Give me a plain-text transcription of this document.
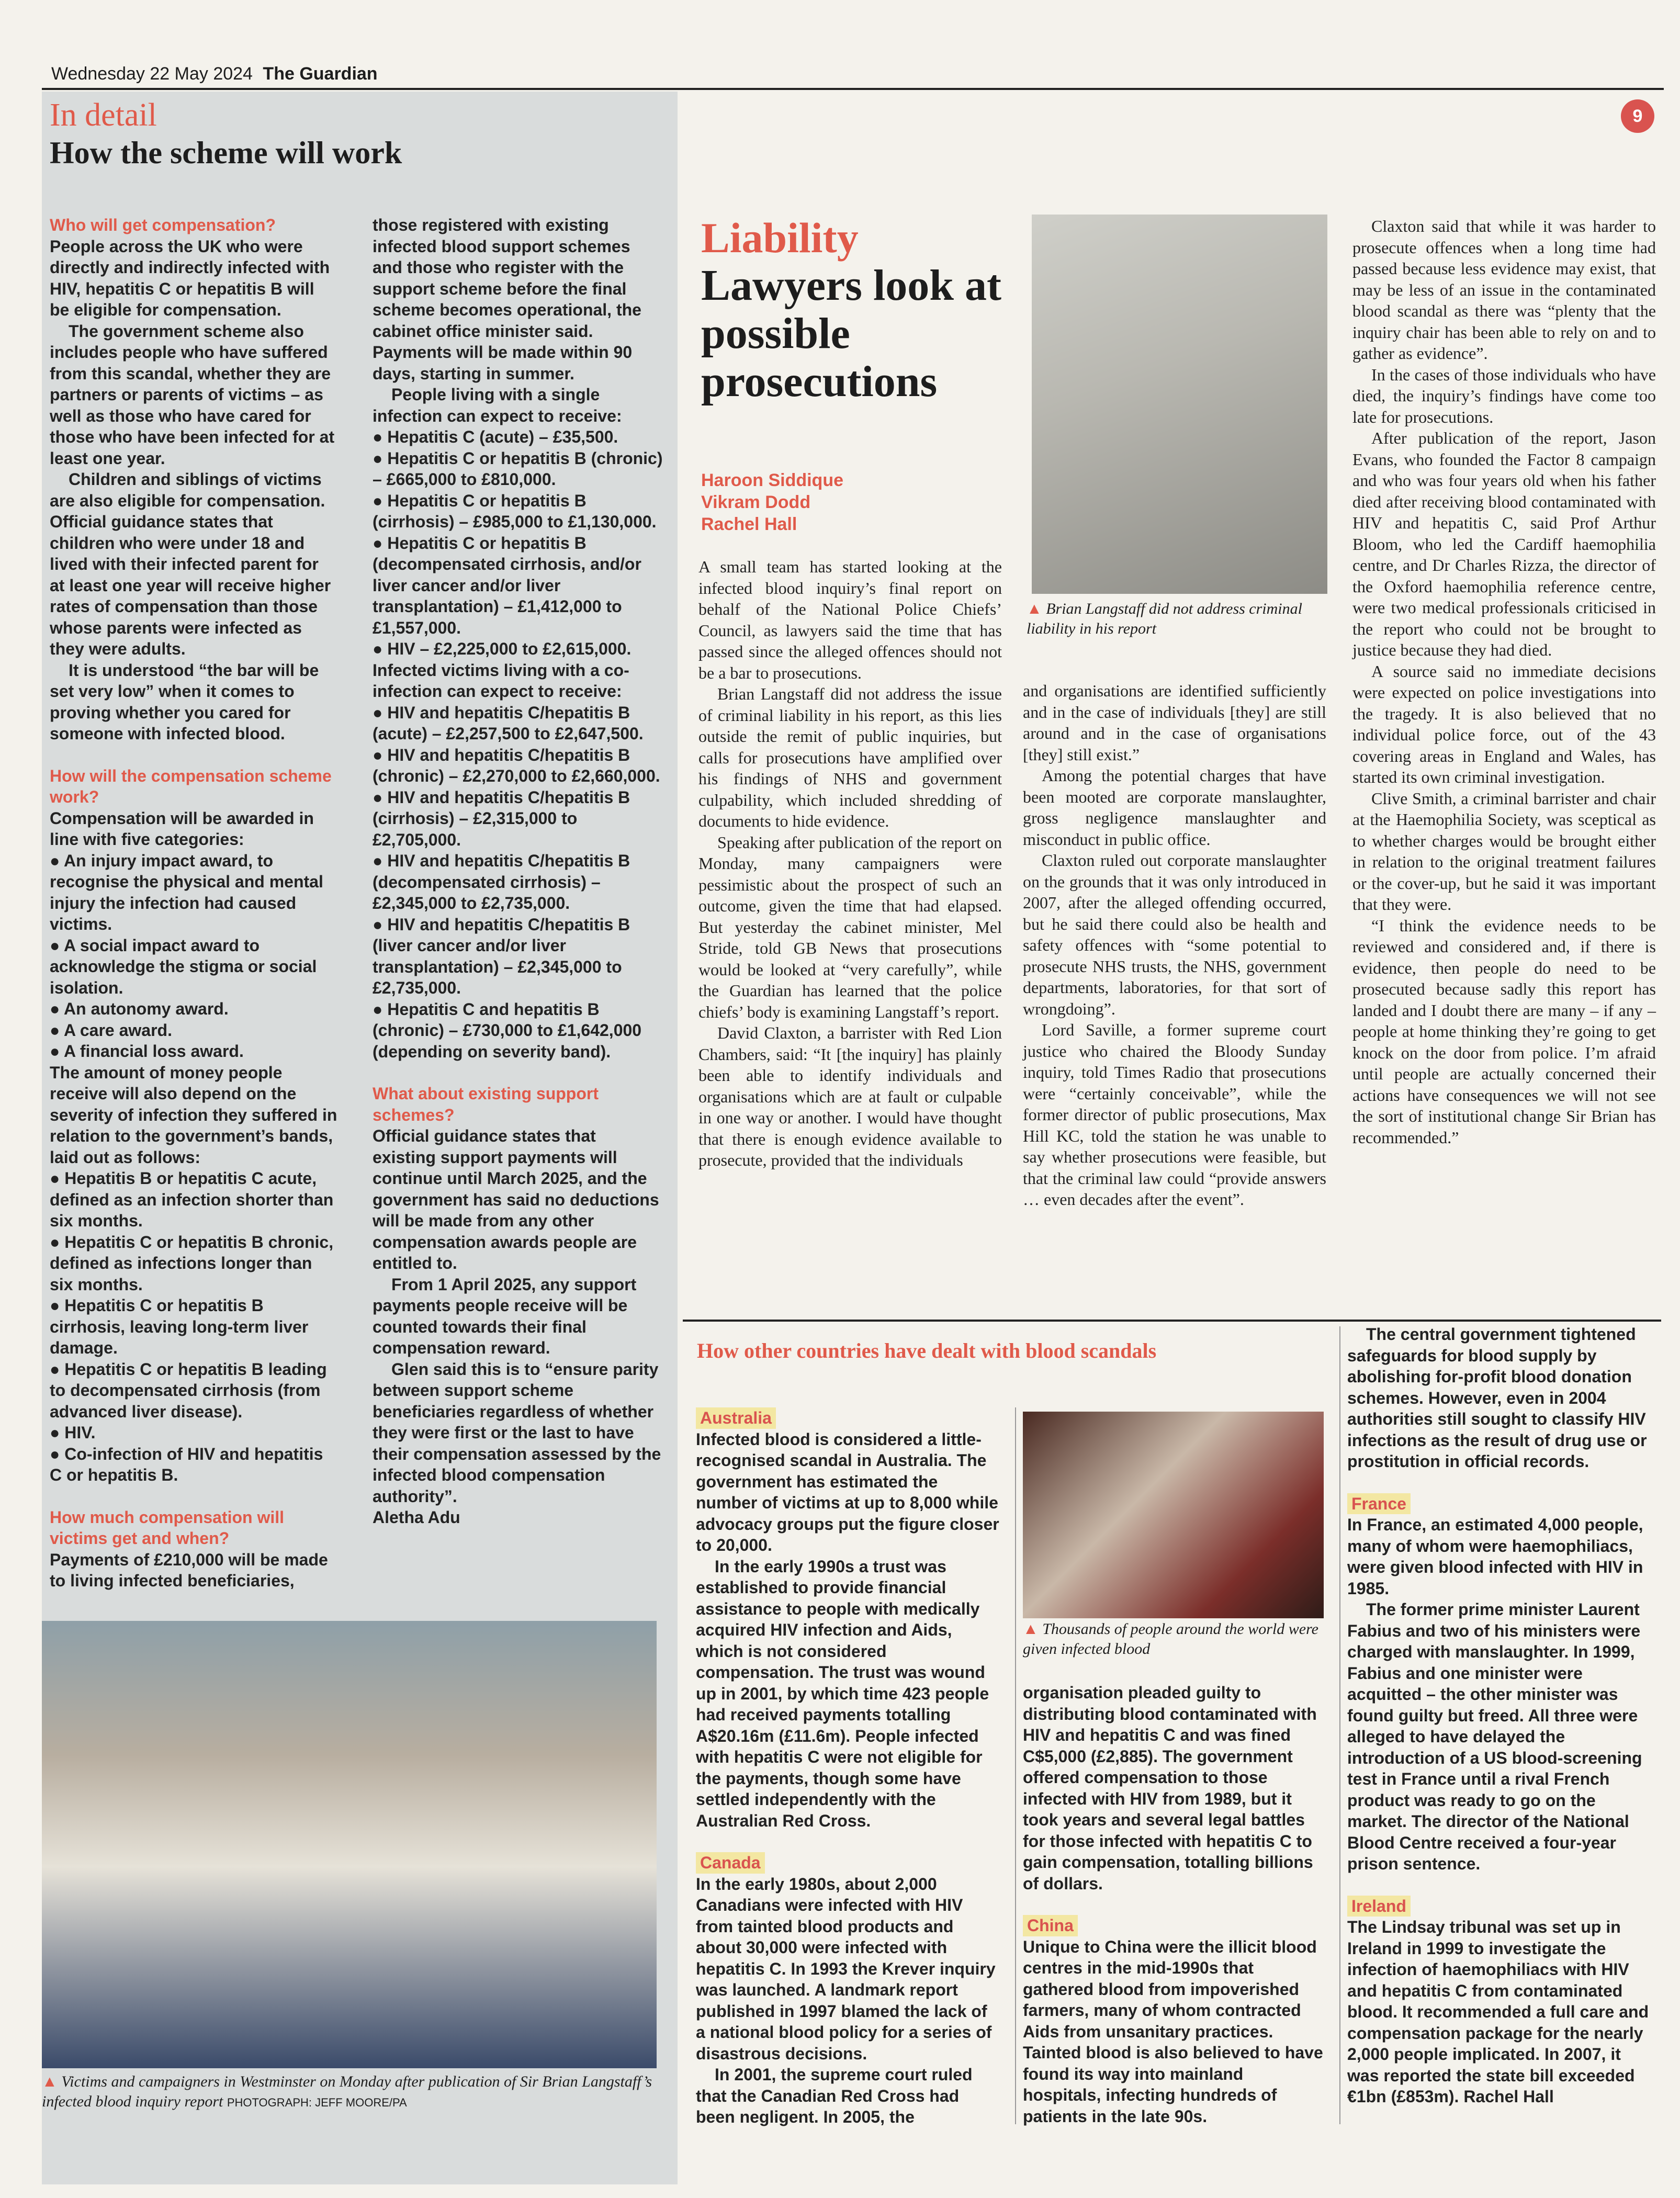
Wednesday 22 May 2024 The Guardian
9
In detail
How the scheme will work

Who will get compensation?

People across the UK who were directly and indirectly infected with HIV, hepatitis C or hepatitis B will be eligible for compensation.

The government scheme also includes people who have suffered from this scandal, whether they are partners or parents of victims – as well as those who have cared for those who have been infected for at least one year.

Children and siblings of victims are also eligible for compensation. Official guidance states that children who were under 18 and lived with their infected parent for at least one year will receive higher rates of compensation than those whose parents were infected as they were adults.

It is understood “the bar will be set very low” when it comes to proving whether you cared for someone with infected blood.

How will the compensation scheme work?

Compensation will be awarded in line with five categories:

● An injury impact award, to recognise the physical and mental injury the infection had caused victims.

● A social impact award to acknowledge the stigma or social isolation.

● An autonomy award.

● A care award.

● A financial loss award.

The amount of money people receive will also depend on the severity of infection they suffered in relation to the government’s bands, laid out as follows:

● Hepatitis B or hepatitis C acute, defined as an infection shorter than six months.

● Hepatitis C or hepatitis B chronic, defined as infections longer than six months.

● Hepatitis C or hepatitis B cirrhosis, leaving long-term liver damage.

● Hepatitis C or hepatitis B leading to decompensated cirrhosis (from advanced liver disease).

● HIV.

● Co-infection of HIV and hepatitis C or hepatitis B.

How much compensation will victims get and when?

Payments of £210,000 will be made to living infected beneficiaries,

those registered with existing infected blood support schemes and those who register with the support scheme before the final scheme becomes operational, the cabinet office minister said. Payments will be made within 90 days, starting in summer.

People living with a single infection can expect to receive:

● Hepatitis C (acute) – £35,500.

● Hepatitis C or hepatitis B (chronic) – £665,000 to £810,000.

● Hepatitis C or hepatitis B (cirrhosis) – £985,000 to £1,130,000.

● Hepatitis C or hepatitis B (decompensated cirrhosis, and/or liver cancer and/or liver transplantation) – £1,412,000 to £1,557,000.

● HIV – £2,225,000 to £2,615,000.

Infected victims living with a co-infection can expect to receive:

● HIV and hepatitis C/hepatitis B (acute) – £2,257,500 to £2,647,500.

● HIV and hepatitis C/hepatitis B (chronic) – £2,270,000 to £2,660,000.

● HIV and hepatitis C/hepatitis B (cirrhosis) – £2,315,000 to £2,705,000.

● HIV and hepatitis C/hepatitis B (decompensated cirrhosis) – £2,345,000 to £2,735,000.

● HIV and hepatitis C/hepatitis B (liver cancer and/or liver transplantation) – £2,345,000 to £2,735,000.

● Hepatitis C and hepatitis B (chronic) – £730,000 to £1,642,000 (depending on severity band).

What about existing support schemes?

Official guidance states that existing support payments will continue until March 2025, and the government has said no deductions will be made from any other compensation awards people are entitled to.

From 1 April 2025, any support payments people receive will be counted towards their final compensation reward.

Glen said this is to “ensure parity between support scheme beneficiaries regardless of whether they were first or the last to have their compensation assessed by the infected blood compensation authority”.

Aletha Adu

▲ Victims and campaigners in Westminster on Monday after publication of Sir Brian Langstaff’s infected blood inquiry report PHOTOGRAPH: JEFF MOORE/PA
Liability
Lawyers look at possible prosecutions
Haroon Siddique
Vikram Dodd
Rachel Hall
▲ Brian Langstaff did not address criminal liability in his report

A small team has started looking at the infected blood inquiry’s final report on behalf of the National Police Chiefs’ Council, as lawyers said the time that has passed since the alleged offences should not be a bar to prosecutions.

Brian Langstaff did not address the issue of criminal liability in his report, as this lies outside the remit of public inquiries, but calls for prosecutions have amplified over his findings of NHS and government culpability, which included shredding of documents to hide evidence.

Speaking after publication of the report on Monday, many campaigners were pessimistic about the prospect of such an outcome, given the time that had elapsed. But yesterday the cabinet minister, Mel Stride, told GB News that prosecutions would be looked at “very carefully”, while the Guardian has learned that the police chiefs’ body is examining Langstaff’s report.

David Claxton, a barrister with Red Lion Chambers, said: “It [the inquiry] has plainly been able to identify individuals and organisations which are at fault or culpable in one way or another. I would have thought that there is enough evidence available to prosecute, provided that the individuals

and organisations are identified sufficiently and in the case of individuals [they] are still around and in the case of organisations [they] still exist.”

Among the potential charges that have been mooted are corporate manslaughter, gross negligence manslaughter and misconduct in public office.

Claxton ruled out corporate manslaughter on the grounds that it was only introduced in 2007, after the alleged offending occurred, but he said there could also be health and safety offences with “some potential to prosecute NHS trusts, the NHS, government departments, laboratories, for that sort of wrongdoing”.

Lord Saville, a former supreme court justice who chaired the Bloody Sunday inquiry, told Times Radio that prosecutions were “certainly conceivable”, while the former director of public prosecutions, Max Hill KC, told the station he was unable to say whether prosecutions were feasible, but that the criminal law could “provide answers … even decades after the event”.

Claxton said that while it was harder to prosecute offences when a long time had passed because less evidence may exist, that may be less of an issue in the contaminated blood scandal as there was “plenty that the inquiry chair has been able to rely on and to gather as evidence”.

In the cases of those individuals who have died, the inquiry’s findings have come too late for prosecutions.

After publication of the report, Jason Evans, who founded the Factor 8 campaign and who was four years old when his father died after receiving blood contaminated with HIV and hepatitis C, said Prof Arthur Bloom, who led the Cardiff haemophilia centre, and Dr Charles Rizza, the director of the Oxford haemophilia reference centre, were two medical professionals criticised in the report who could not be brought to justice because they had died.

A source said no immediate decisions were expected on police investigations into the tragedy. It is also believed that no individual police force, out of the 43 covering areas in England and Wales, has started its own criminal investigation.

Clive Smith, a criminal barrister and chair at the Haemophilia Society, was sceptical as to whether charges would be brought either in relation to the original treatment failures or the cover-up, but he said it was important that they were.

“I think the evidence needs to be reviewed and considered and, if there is evidence, then people do need to be prosecuted because sadly this report has landed and I doubt there are many – if any – people at home thinking they’re going to get knock on the door from police. I’m afraid until people are actually concerned their actions have consequences we will not see the sort of institutional change Sir Brian has recommended.”

How other countries have dealt with blood scandals

Australia

Infected blood is considered a little-recognised scandal in Australia. The government has estimated the number of victims at up to 8,000 while advocacy groups put the figure closer to 20,000.

In the early 1990s a trust was established to provide financial assistance to people with medically acquired HIV infection and Aids, which is not considered compensation. The trust was wound up in 2001, by which time 423 people had received payments totalling A$20.16m (£11.6m). People infected with hepatitis C were not eligible for the payments, though some have settled independently with the Australian Red Cross.

Canada

In the early 1980s, about 2,000 Canadians were infected with HIV from tainted blood products and about 30,000 were infected with hepatitis C. In 1993 the Krever inquiry was launched. A landmark report published in 1997 blamed the lack of a national blood policy for a series of disastrous decisions.

In 2001, the supreme court ruled that the Canadian Red Cross had been negligent. In 2005, the

▲ Thousands of people around the world were given infected blood

organisation pleaded guilty to distributing blood contaminated with HIV and hepatitis C and was fined C$5,000 (£2,885). The government offered compensation to those infected with HIV from 1989, but it took years and several legal battles for those infected with hepatitis C to gain compensation, totalling billions of dollars.

China

Unique to China were the illicit blood centres in the mid-1990s that gathered blood from impoverished farmers, many of whom contracted Aids from unsanitary practices. Tainted blood is also believed to have found its way into mainland hospitals, infecting hundreds of patients in the late 90s.

The central government tightened safeguards for blood supply by abolishing for-profit blood donation schemes. However, even in 2004 authorities still sought to classify HIV infections as the result of drug use or prostitution in official records.

France

In France, an estimated 4,000 people, many of whom were haemophiliacs, were given blood infected with HIV in 1985.

The former prime minister Laurent Fabius and two of his ministers were charged with manslaughter. In 1999, Fabius and one minister were acquitted – the other minister was found guilty but freed. All three were alleged to have delayed the introduction of a US blood-screening test in France until a rival French product was ready to go on the market. The director of the National Blood Centre received a four-year prison sentence.

Ireland

The Lindsay tribunal was set up in Ireland in 1999 to investigate the infection of haemophiliacs with HIV and hepatitis C from contaminated blood. It recommended a full care and compensation package for the nearly 2,000 people implicated. In 2007, it was reported the state bill exceeded €1bn (£853m). Rachel Hall
